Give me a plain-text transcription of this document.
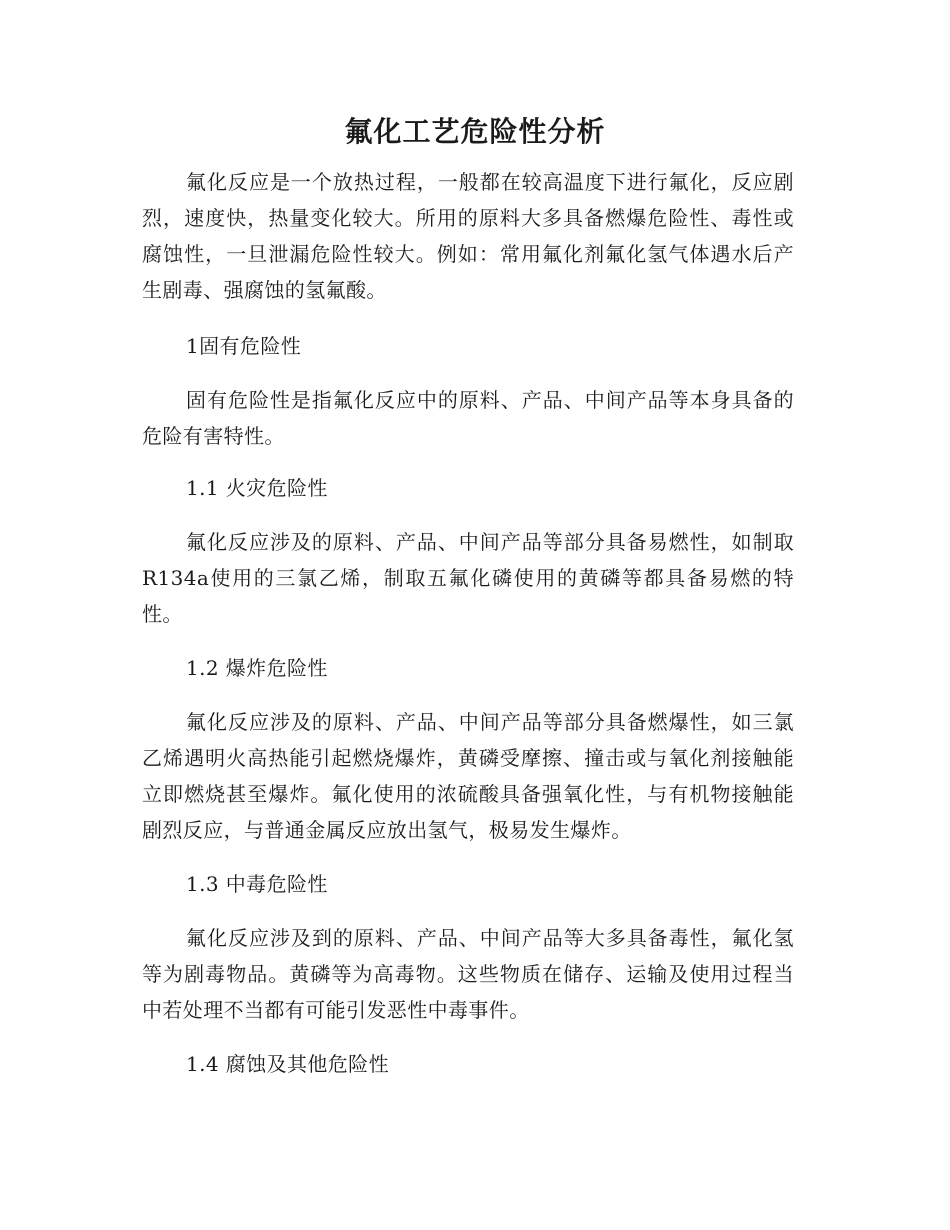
氟化工艺危险性分析
氟化反应是一个放热过程，一般都在较高温度下进行氟化，反应剧烈，速度快，热量变化较大。所用的原料大多具备燃爆危险性、毒性或腐蚀性，一旦泄漏危险性较大。例如：常用氟化剂氟化氢气体遇水后产生剧毒、强腐蚀的氢氟酸。
1固有危险性
固有危险性是指氟化反应中的原料、产品、中间产品等本身具备的危险有害特性。
1.1 火灾危险性
氟化反应涉及的原料、产品、中间产品等部分具备易燃性，如制取R134a使用的三氯乙烯，制取五氟化磷使用的黄磷等都具备易燃的特性。
1.2 爆炸危险性
氟化反应涉及的原料、产品、中间产品等部分具备燃爆性，如三氯乙烯遇明火高热能引起燃烧爆炸，黄磷受摩擦、撞击或与氧化剂接触能立即燃烧甚至爆炸。氟化使用的浓硫酸具备强氧化性，与有机物接触能剧烈反应，与普通金属反应放出氢气，极易发生爆炸。
1.3 中毒危险性
氟化反应涉及到的原料、产品、中间产品等大多具备毒性，氟化氢等为剧毒物品。黄磷等为高毒物。这些物质在储存、运输及使用过程当中若处理不当都有可能引发恶性中毒事件。
1.4 腐蚀及其他危险性
